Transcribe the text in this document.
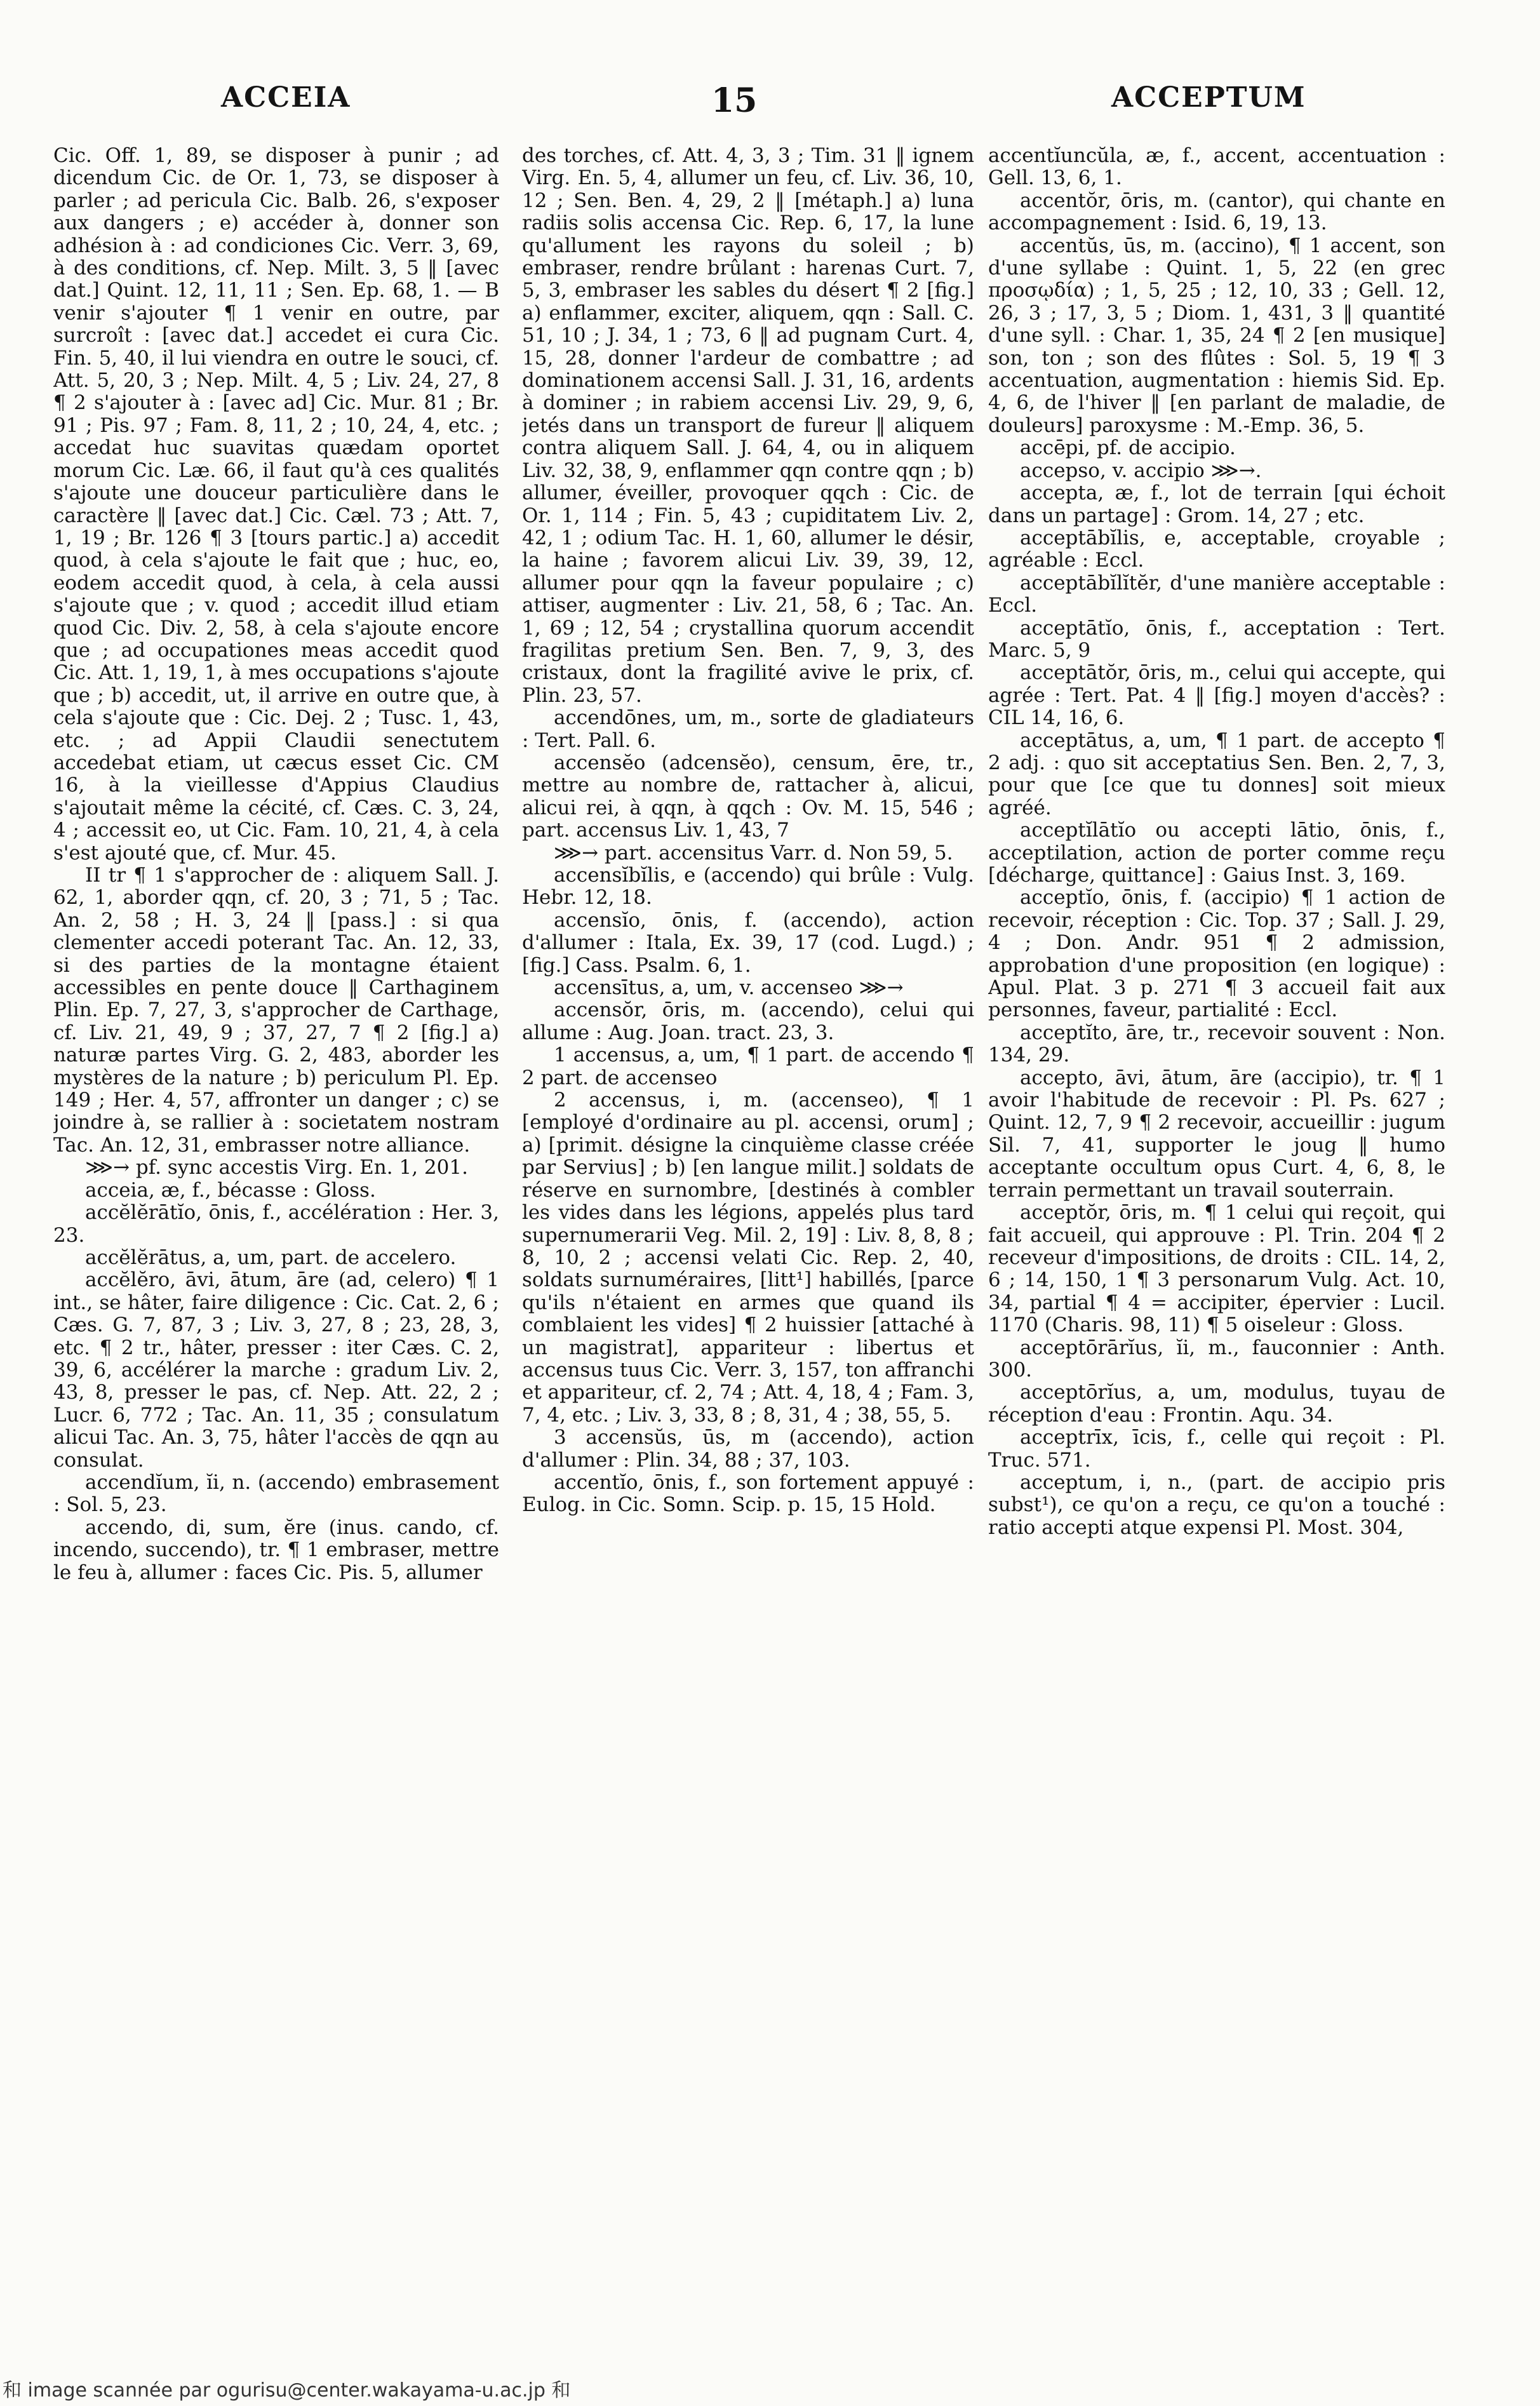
ACCEIA	15	ACCEPTUM

Cic. Off. 1, 89, se disposer à punir ; ad dicendum Cic. de Or. 1, 73, se disposer à parler ; ad pericula Cic. Balb. 26, s'exposer aux dangers ; e) accéder à, donner son adhésion à : ad condiciones Cic. Verr. 3, 69, à des conditions, cf. Nep. Milt. 3, 5 ‖ [avec dat.] Quint. 12, 11, 11 ; Sen. Ep. 68, 1. — B venir s'ajouter ¶ 1 venir en outre, par surcroît : [avec dat.] accedet ei cura Cic. Fin. 5, 40, il lui viendra en outre le souci, cf. Att. 5, 20, 3 ; Nep. Milt. 4, 5 ; Liv. 24, 27, 8 ¶ 2 s'ajouter à : [avec ad] Cic. Mur. 81 ; Br. 91 ; Pis. 97 ; Fam. 8, 11, 2 ; 10, 24, 4, etc. ; accedat huc suavitas quædam oportet morum Cic. Læ. 66, il faut qu'à ces qualités s'ajoute une douceur particulière dans le caractère ‖ [avec dat.] Cic. Cæl. 73 ; Att. 7, 1, 19 ; Br. 126 ¶ 3 [tours partic.] a) accedit quod, à cela s'ajoute le fait que ; huc, eo, eodem accedit quod, à cela, à cela aussi s'ajoute que ; v. quod ; accedit illud etiam quod Cic. Div. 2, 58, à cela s'ajoute encore que ; ad occupationes meas accedit quod Cic. Att. 1, 19, 1, à mes occupations s'ajoute que ; b) accedit, ut, il arrive en outre que, à cela s'ajoute que : Cic. Dej. 2 ; Tusc. 1, 43, etc. ; ad Appii Claudii senectutem accedebat etiam, ut cæcus esset Cic. CM 16, à la vieillesse d'Appius Claudius s'ajoutait même la cécité, cf. Cæs. C. 3, 24, 4 ; accessit eo, ut Cic. Fam. 10, 21, 4, à cela s'est ajouté que, cf. Mur. 45.

II tr ¶ 1 s'approcher de : aliquem Sall. J. 62, 1, aborder qqn, cf. 20, 3 ; 71, 5 ; Tac. An. 2, 58 ; H. 3, 24 ‖ [pass.] : si qua clementer accedi poterant Tac. An. 12, 33, si des parties de la montagne étaient accessibles en pente douce ‖ Carthaginem Plin. Ep. 7, 27, 3, s'approcher de Carthage, cf. Liv. 21, 49, 9 ; 37, 27, 7 ¶ 2 [fig.] a) naturæ partes Virg. G. 2, 483, aborder les mystères de la nature ; b) periculum Pl. Ep. 149 ; Her. 4, 57, affronter un danger ; c) se joindre à, se rallier à : societatem nostram Tac. An. 12, 31, embrasser notre alliance.

⋙→ pf. sync accestis Virg. En. 1, 201.

acceia, æ, f., bécasse : Gloss.

accĕlĕrātĭo, ōnis, f., accélération : Her. 3, 23.

accĕlĕrātus, a, um, part. de accelero.

accĕlĕro, āvi, ātum, āre (ad, celero) ¶ 1 int., se hâter, faire diligence : Cic. Cat. 2, 6 ; Cæs. G. 7, 87, 3 ; Liv. 3, 27, 8 ; 23, 28, 3, etc. ¶ 2 tr., hâter, presser : iter Cæs. C. 2, 39, 6, accélérer la marche : gradum Liv. 2, 43, 8, presser le pas, cf. Nep. Att. 22, 2 ; Lucr. 6, 772 ; Tac. An. 11, 35 ; consulatum alicui Tac. An. 3, 75, hâter l'accès de qqn au consulat.

accendĭum, ĭi, n. (accendo) embrasement : Sol. 5, 23.

accendo, di, sum, ĕre (inus. cando, cf. incendo, succendo), tr. ¶ 1 embraser, mettre le feu à, allumer : faces Cic. Pis. 5, allumer

des torches, cf. Att. 4, 3, 3 ; Tim. 31 ‖ ignem Virg. En. 5, 4, allumer un feu, cf. Liv. 36, 10, 12 ; Sen. Ben. 4, 29, 2 ‖ [métaph.] a) luna radiis solis accensa Cic. Rep. 6, 17, la lune qu'allument les rayons du soleil ; b) embraser, rendre brûlant : harenas Curt. 7, 5, 3, embraser les sables du désert ¶ 2 [fig.] a) enflammer, exciter, aliquem, qqn : Sall. C. 51, 10 ; J. 34, 1 ; 73, 6 ‖ ad pugnam Curt. 4, 15, 28, donner l'ardeur de combattre ; ad dominationem accensi Sall. J. 31, 16, ardents à dominer ; in rabiem accensi Liv. 29, 9, 6, jetés dans un transport de fureur ‖ aliquem contra aliquem Sall. J. 64, 4, ou in aliquem Liv. 32, 38, 9, enflammer qqn contre qqn ; b) allumer, éveiller, provoquer qqch : Cic. de Or. 1, 114 ; Fin. 5, 43 ; cupiditatem Liv. 2, 42, 1 ; odium Tac. H. 1, 60, allumer le désir, la haine ; favorem alicui Liv. 39, 39, 12, allumer pour qqn la faveur populaire ; c) attiser, augmenter : Liv. 21, 58, 6 ; Tac. An. 1, 69 ; 12, 54 ; crystallina quorum accendit fragilitas pretium Sen. Ben. 7, 9, 3, des cristaux, dont la fragilité avive le prix, cf. Plin. 23, 57.

accendōnes, um, m., sorte de gladiateurs : Tert. Pall. 6.

accensĕo (adcensĕo), censum, ēre, tr., mettre au nombre de, rattacher à, alicui, alicui rei, à qqn, à qqch : Ov. M. 15, 546 ; part. accensus Liv. 1, 43, 7

⋙→ part. accensitus Varr. d. Non 59, 5.

accensĭbĭlis, e (accendo) qui brûle : Vulg. Hebr. 12, 18.

accensĭo, ōnis, f. (accendo), action d'allumer : Itala, Ex. 39, 17 (cod. Lugd.) ; [fig.] Cass. Psalm. 6, 1.

accensītus, a, um, v. accenseo ⋙→

accensŏr, ōris, m. (accendo), celui qui allume : Aug. Joan. tract. 23, 3.

1 accensus, a, um, ¶ 1 part. de accendo ¶ 2 part. de accenseo

2 accensus, i, m. (accenseo), ¶ 1 [employé d'ordinaire au pl. accensi, orum] ; a) [primit. désigne la cinquième classe créée par Servius] ; b) [en langue milit.] soldats de réserve en surnombre, [destinés à combler les vides dans les légions, appelés plus tard supernumerarii Veg. Mil. 2, 19] : Liv. 8, 8, 8 ; 8, 10, 2 ; accensi velati Cic. Rep. 2, 40, soldats surnuméraires, [litt¹] habillés, [parce qu'ils n'étaient en armes que quand ils comblaient les vides] ¶ 2 huissier [attaché à un magistrat], appariteur : libertus et accensus tuus Cic. Verr. 3, 157, ton affranchi et appariteur, cf. 2, 74 ; Att. 4, 18, 4 ; Fam. 3, 7, 4, etc. ; Liv. 3, 33, 8 ; 8, 31, 4 ; 38, 55, 5.

3 accensŭs, ūs, m (accendo), action d'allumer : Plin. 34, 88 ; 37, 103.

accentĭo, ōnis, f., son fortement appuyé : Eulog. in Cic. Somn. Scip. p. 15, 15 Hold.

accentĭuncŭla, æ, f., accent, accentuation : Gell. 13, 6, 1.

accentŏr, ōris, m. (cantor), qui chante en accompagnement : Isid. 6, 19, 13.

accentŭs, ūs, m. (accino), ¶ 1 accent, son d'une syllabe : Quint. 1, 5, 22 (en grec προσῳδία) ; 1, 5, 25 ; 12, 10, 33 ; Gell. 12, 26, 3 ; 17, 3, 5 ; Diom. 1, 431, 3 ‖ quantité d'une syll. : Char. 1, 35, 24 ¶ 2 [en musique] son, ton ; son des flûtes : Sol. 5, 19 ¶ 3 accentuation, augmentation : hiemis Sid. Ep. 4, 6, de l'hiver ‖ [en parlant de maladie, de douleurs] paroxysme : M.-Emp. 36, 5.

accēpi, pf. de accipio.

accepso, v. accipio ⋙→.

accepta, æ, f., lot de terrain [qui échoit dans un partage] : Grom. 14, 27 ; etc.

acceptābĭlis, e, acceptable, croyable ; agréable : Eccl.

acceptābĭlĭtĕr, d'une manière acceptable : Eccl.

acceptātĭo, ōnis, f., acceptation : Tert. Marc. 5, 9

acceptātŏr, ōris, m., celui qui accepte, qui agrée : Tert. Pat. 4 ‖ [fig.] moyen d'accès? : CIL 14, 16, 6.

acceptātus, a, um, ¶ 1 part. de accepto ¶ 2 adj. : quo sit acceptatius Sen. Ben. 2, 7, 3, pour que [ce que tu donnes] soit mieux agréé.

acceptĭlātĭo ou accepti lātio, ōnis, f., acceptilation, action de porter comme reçu [décharge, quittance] : Gaius Inst. 3, 169.

acceptĭo, ōnis, f. (accipio) ¶ 1 action de recevoir, réception : Cic. Top. 37 ; Sall. J. 29, 4 ; Don. Andr. 951 ¶ 2 admission, approbation d'une proposition (en logique) : Apul. Plat. 3 p. 271 ¶ 3 accueil fait aux personnes, faveur, partialité : Eccl.

acceptĭto, āre, tr., recevoir souvent : Non. 134, 29.

accepto, āvi, ātum, āre (accipio), tr. ¶ 1 avoir l'habitude de recevoir : Pl. Ps. 627 ; Quint. 12, 7, 9 ¶ 2 recevoir, accueillir : jugum Sil. 7, 41, supporter le joug ‖ humo acceptante occultum opus Curt. 4, 6, 8, le terrain permettant un travail souterrain.

acceptŏr, ōris, m. ¶ 1 celui qui reçoit, qui fait accueil, qui approuve : Pl. Trin. 204 ¶ 2 receveur d'impositions, de droits : CIL. 14, 2, 6 ; 14, 150, 1 ¶ 3 personarum Vulg. Act. 10, 34, partial ¶ 4 = accipiter, épervier : Lucil. 1170 (Charis. 98, 11) ¶ 5 oiseleur : Gloss.

acceptōrārĭus, ĭi, m., fauconnier : Anth. 300.

acceptōrĭus, a, um, modulus, tuyau de réception d'eau : Frontin. Aqu. 34.

acceptrīx, īcis, f., celle qui reçoit : Pl. Truc. 571.

acceptum, i, n., (part. de accipio pris subst¹), ce qu'on a reçu, ce qu'on a touché : ratio accepti atque expensi Pl. Most. 304,

和 image scannée par ogurisu@center.wakayama-u.ac.jp 和
